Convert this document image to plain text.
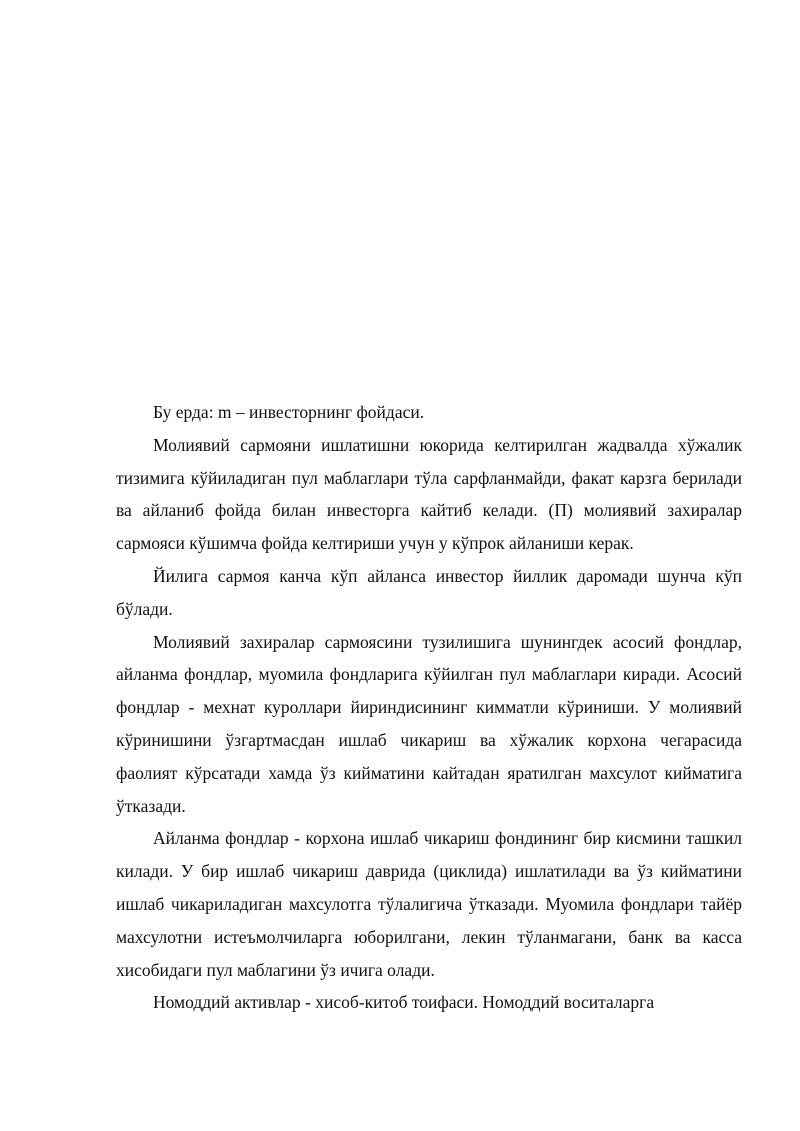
Бу ерда: m – инвесторнинг фойдаси.

Молиявий сармояни ишлатишни юкорида келтирилган жадвалда хўжалик тизимига кўйиладиган пул маблаглари тўла сарфланмайди, факат карзга берилади ва айланиб фойда билан инвесторга кайтиб келади. (П) молиявий захиралар сармояси кўшимча фойда келтириши учун у кўпрок айланиши керак.

Йилига сармоя канча кўп айланса инвестор йиллик даромади шунча кўп бўлади.

Молиявий захиралар сармоясини тузилишига шунингдек асосий фондлар, айланма фондлар, муомила фондларига кўйилган пул маблаглари киради. Асосий фондлар - мехнат куроллари йириндисининг кимматли кўриниши. У молиявий кўринишини ўзгартмасдан ишлаб чикариш ва хўжалик корхона чегарасида фаолият кўрсатади хамда ўз кийматини кайтадан яратилган махсулот кийматига ўтказади.

Айланма фондлар - корхона ишлаб чикариш фондининг бир кисмини ташкил килади. У бир ишлаб чикариш даврида (циклида) ишлатилади ва ўз кийматини ишлаб чикариладиган махсулотга тўлалигича ўтказади. Муомила фондлари тайёр махсулотни истеъмолчиларга юборилгани, лекин тўланмагани, банк ва касса хисобидаги пул маблагини ўз ичига олади.

Номоддий активлар - хисоб-китоб тоифаси. Номоддий воситаларга
